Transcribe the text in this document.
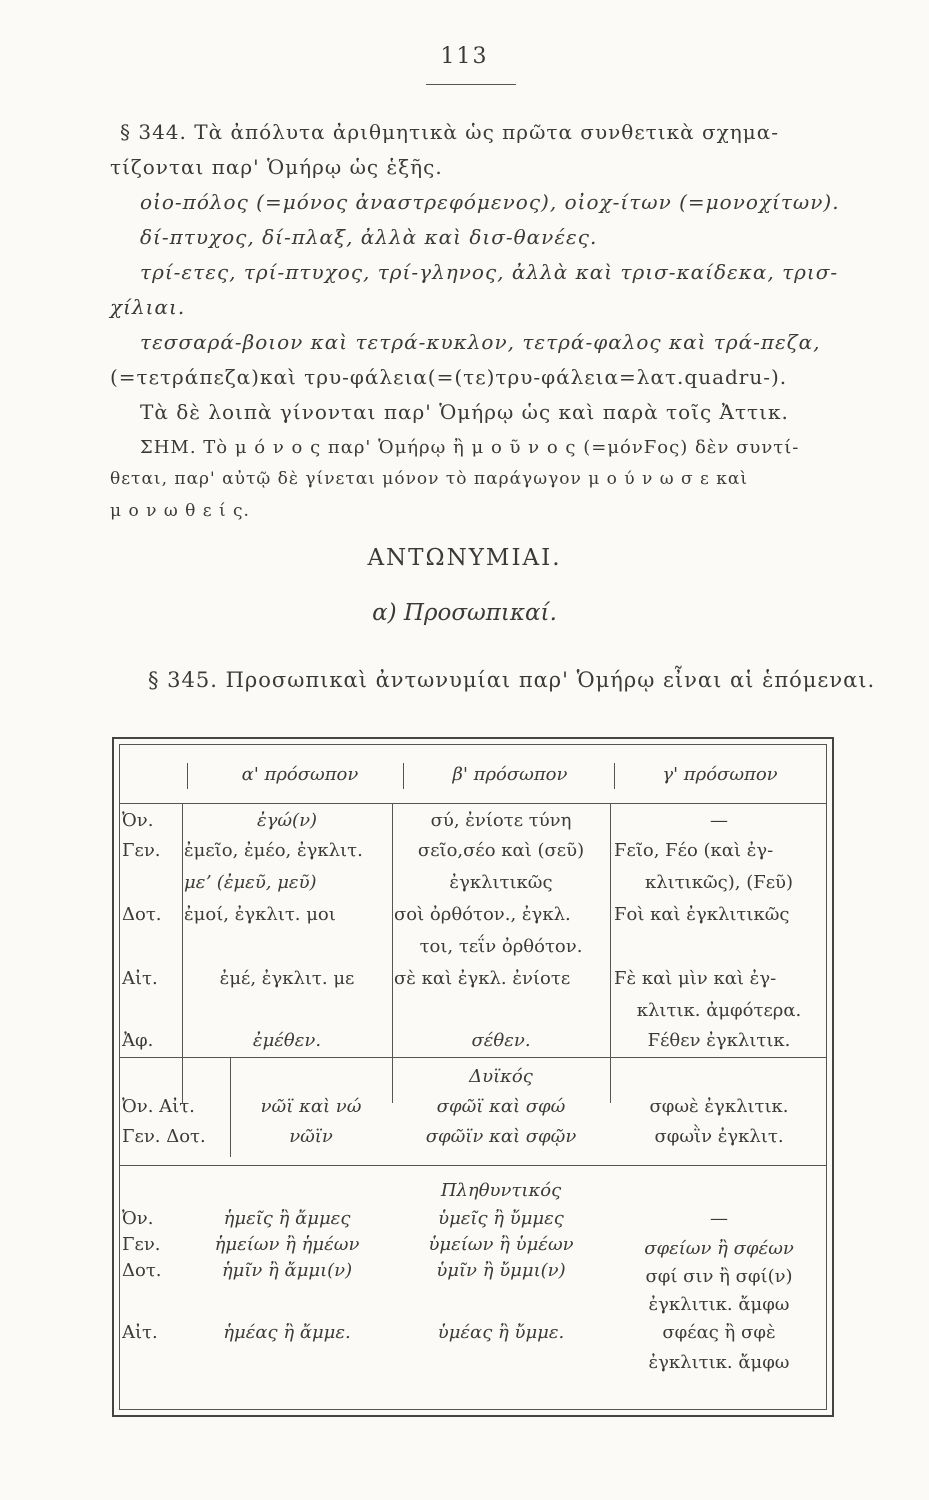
113
§ 344. Τὰ ἀπόλυτα ἀριθμητικὰ ὡς πρῶτα συνθετικὰ σχημα-
τίζονται παρ' Ὁμήρῳ ὡς ἑξῆς.
οἰο-πόλος (=μόνος ἀναστρεφόμενος), οἰοχ-ίτων (=μονοχίτων).
δί-πτυχος, δί-πλαξ, ἀλλὰ καὶ δισ-θανέες.
τρί-ετες, τρί-πτυχος, τρί-γληνος, ἀλλὰ καὶ τρισ-καίδεκα, τρισ-
χίλιαι.
τεσσαρά-βοιον καὶ τετρά-κυκλον, τετρά-φαλος καὶ τρά-πεζα,
(=τετράπεζα)καὶ τρυ-φάλεια(=(τε)τρυ-φάλεια=λατ.quadru-).
Τὰ δὲ λοιπὰ γίνονται παρ' Ὁμήρῳ ὡς καὶ παρὰ τοῖς Ἀττικ.
ΣΗΜ. Τὸ μ ό ν ο ς παρ' Ὁμήρῳ ἢ μ ο ῦ ν ο ς (=μόνϜος) δὲν συντί-
θεται, παρ' αὐτῷ δὲ γίνεται μόνον τὸ παράγωγον μ ο ύ ν ω σ ε καὶ
μ ο ν ω θ ε ί ς.
ΑΝΤΩΝΥΜΙΑΙ.
α) Προσωπικαί.
§ 345. Προσωπικαὶ ἀντωνυμίαι παρ' Ὁμήρῳ εἶναι αἱ ἑπόμεναι.
α' πρόσωπον	β' πρόσωπον	γ' πρόσωπον
Ὀν.
Γεν.
Δοτ.
Αἰτ.
Ἀφ.
ἐγώ(ν)
ἐμεῖο, ἐμέο, ἐγκλιτ.
μεʼ (ἐμεῦ, μεῦ)
ἐμοί, ἐγκλιτ. μοι
ἐμέ, ἐγκλιτ. με
ἐμέθεν.
σύ, ἐνίοτε τύνη
σεῖο,σέο καὶ (σεῦ)
ἐγκλιτικῶς
σοὶ ὀρθότον., ἐγκλ.
τοι, τεΐν ὀρθότον.
σὲ καὶ ἐγκλ. ἐνίοτε
σέθεν.
—
Ϝεῖο, Ϝέο (καὶ ἐγ-
κλιτικῶς), (Ϝεῦ)
Ϝοὶ καὶ ἐγκλιτικῶς
Ϝὲ καὶ μὶν καὶ ἐγ-
κλιτικ. ἀμφότερα.
Ϝέθεν ἐγκλιτικ.
Δυϊκός
Ὀν. Αἰτ.
Γεν. Δοτ.
νῶϊ καὶ νώ
νῶϊν
σφῶϊ καὶ σφώ
σφῶϊν καὶ σφῷν
σφωὲ ἐγκλιτικ.
σφωῒν ἐγκλιτ.
Πληθυντικός
Ὀν.
Γεν.
Δοτ.
Αἰτ.
ἡμεῖς ἢ ἄμμες
ἡμείων ἢ ἡμέων
ἡμῖν ἢ ἄμμι(ν)
ἡμέας ἢ ἄμμε.
ὑμεῖς ἢ ὔμμες
ὑμείων ἢ ὑμέων
ὑμῖν ἢ ὔμμι(ν)
ὑμέας ἢ ὔμμε.
—
σφείων ἢ σφέων
σφί σιν ἢ σφί(ν)
ἐγκλιτικ. ἄμφω
σφέας ἢ σφὲ
ἐγκλιτικ. ἄμφω
